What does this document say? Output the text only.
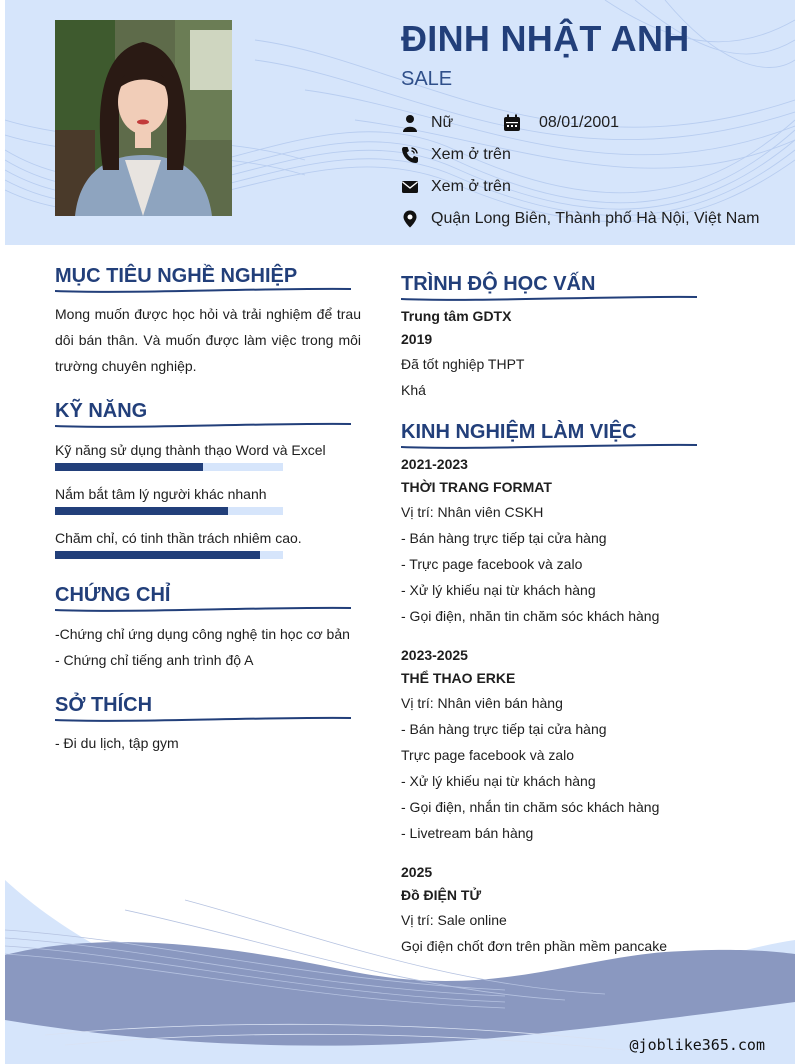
ĐINH NHẬT ANH
SALE
Nữ	08/01/2001
Xem ở trên
Xem ở trên
Quận Long Biên, Thành phố Hà Nội, Việt Nam
MỤC TIÊU NGHỀ NGHIỆP
Mong muốn được học hỏi và trải nghiệm để trau dôi bán thân. Và muốn được làm việc trong môi trường chuyên nghiệp.
KỸ NĂNG
Kỹ năng sử dụng thành thạo Word và Excel
Nắm bắt tâm lý người khác nhanh
Chăm chỉ, có tinh thần trách nhiêm cao.
CHỨNG CHỈ
-Chứng chỉ ứng dụng công nghệ tin học cơ bản
- Chứng chỉ tiếng anh trình độ A
SỞ THÍCH
- Đi du lịch, tập gym
TRÌNH ĐỘ HỌC VẤN
Trung tâm GDTX
2019
Đã tốt nghiệp THPT
Khá
KINH NGHIỆM LÀM VIỆC
2021-2023
THỜI TRANG FORMAT
Vị trí: Nhân viên CSKH
- Bán hàng trực tiếp tại cửa hàng
- Trực page facebook và zalo
- Xử lý khiếu nại từ khách hàng
- Gọi điện, nhăn tin chăm sóc khách hàng
2023-2025
THỂ THAO ERKE
Vị trí: Nhân viên bán hàng
- Bán hàng trực tiếp tại cửa hàng
Trực page facebook và zalo
- Xử lý khiếu nại từ khách hàng
- Gọi điện, nhắn tin chăm sóc khách hàng
- Livetream bán hàng
2025
Đồ ĐIỆN TỬ
Vị trí: Sale online
Gọi điện chốt đơn trên phần mềm pancake
@joblike365.com
